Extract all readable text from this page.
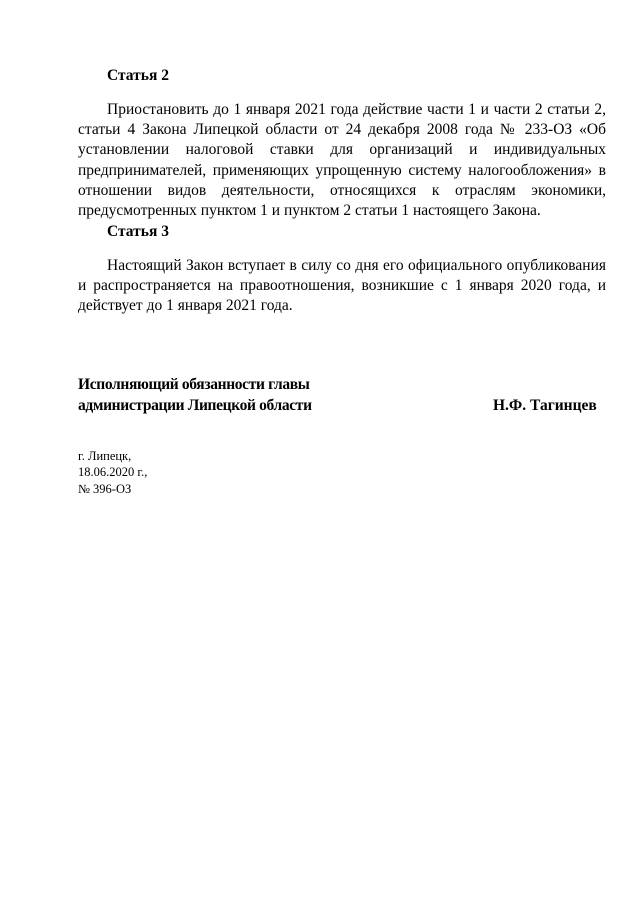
Статья 2

Приостановить до 1 января 2021 года действие части 1 и части 2 статьи 2, статьи 4 Закона Липецкой области от 24 декабря 2008 года № 233-ОЗ «Об установлении налоговой ставки для организаций и индивидуальных предпринимателей, применяющих упрощенную систему налогообложения» в отношении видов деятельности, относящихся к отраслям экономики, предусмотренных пунктом 1 и пунктом 2 статьи 1 настоящего Закона.

Статья 3

Настоящий Закон вступает в силу со дня его официального опубликования и распространяется на правоотношения, возникшие с 1 января 2020 года, и действует до 1 января 2021 года.

Исполняющий обязанности главы
администрации Липецкой области	Н.Ф. Тагинцев
г. Липецк,
18.06.2020 г.,
№ 396-ОЗ
